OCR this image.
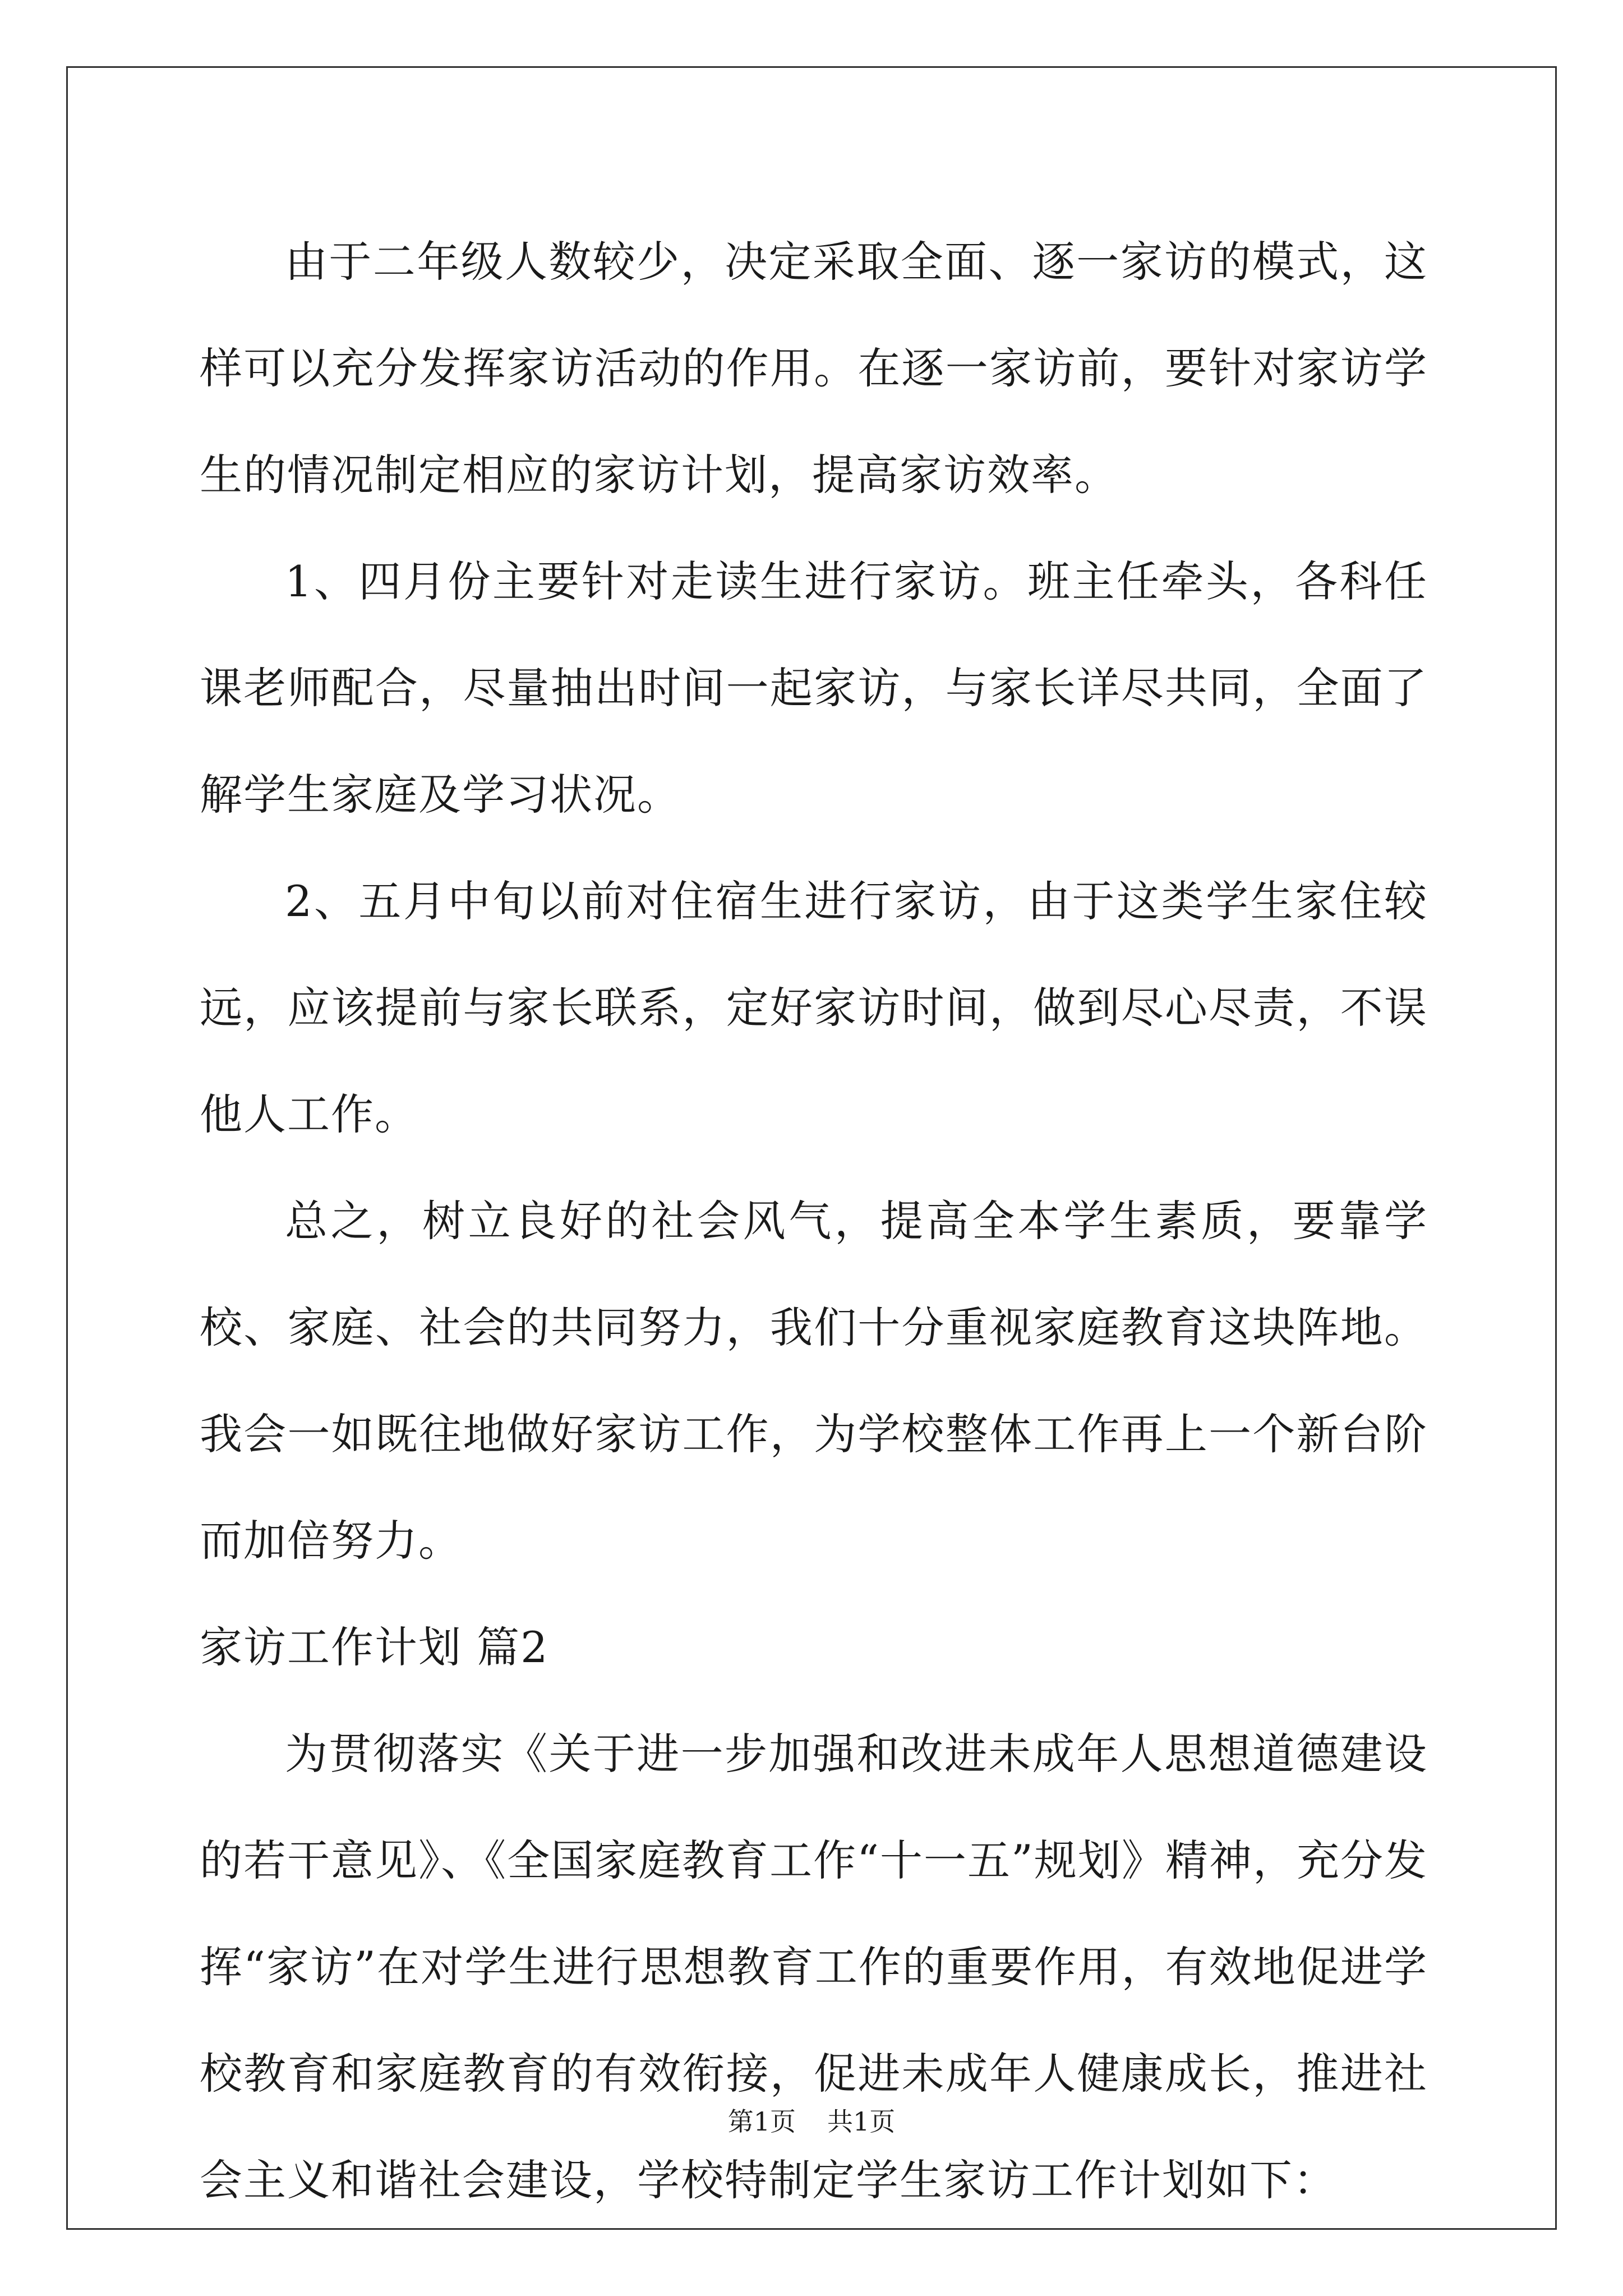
由于二年级人数较少，决定采取全面、逐一家访的模式，这样可以充分发挥家访活动的作用。在逐一家访前，要针对家访学生的情况制定相应的家访计划，提高家访效率。

1、四月份主要针对走读生进行家访。班主任牵头，各科任课老师配合，尽量抽出时间一起家访，与家长详尽共同，全面了解学生家庭及学习状况。

2、五月中旬以前对住宿生进行家访，由于这类学生家住较远，应该提前与家长联系，定好家访时间，做到尽心尽责，不误他人工作。

总之，树立良好的社会风气，提高全本学生素质，要靠学校、家庭、社会的共同努力，我们十分重视家庭教育这块阵地。我会一如既往地做好家访工作，为学校整体工作再上一个新台阶而加倍努力。

家访工作计划 篇2

为贯彻落实《关于进一步加强和改进未成年人思想道德建设的若干意见》、《全国家庭教育工作“十一五”规划》精神，充分发挥“家访”在对学生进行思想教育工作的重要作用，有效地促进学校教育和家庭教育的有效衔接，促进未成年人健康成长，推进社会主义和谐社会建设，学校特制定学生家访工作计划如下：

第1页 共1页
